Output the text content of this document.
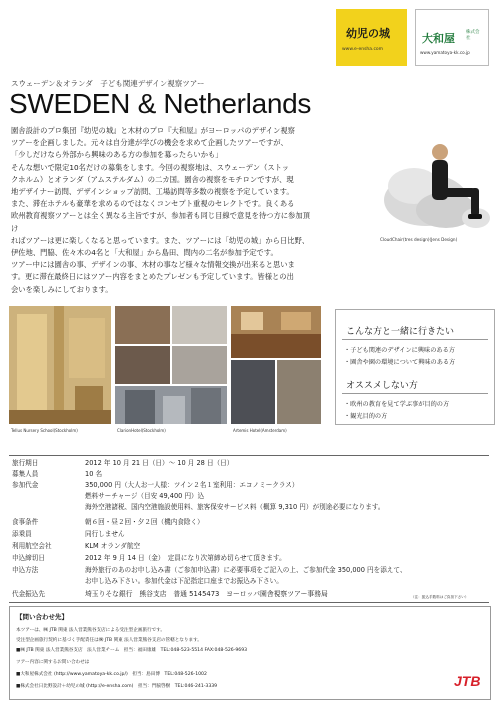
幼児の城
www.e-ensha.com
大和屋 株式会社
www.yamatoya-kk.co.jp
スウェーデン＆オランダ　子ども関連デザイン視察ツアー
SWEDEN & Netherlands
園舎設計のプロ集団『幼児の城』と木材のプロ『大和屋』がヨーロッパのデザイン視察
ツアーを企画しました。元々は自分達が学びの機会を求めて企画したツアーですが、
「少しだけなら外部から興味のある方の参加を募ったらいかも」
そんな想いで限定10名だけの募集をします。今回の視察地は、スウェーデン（ストッ
クホルム）とオランダ（アムステルダム）の二カ国。園舎の視察をモチロンですが、現
地デザイナー訪問、デザインショップ訪問、工場訪問等多数の視察を予定しています。
また、滞在ホテルも豪華を求めるのではなくコンセプト重視のセレクトです。良くある
欧州教育視察ツアーとは全く異なる主旨ですが、参加者も同じ目線で意見を待つ方に参加頂け
ればツアーは更に楽しくなると思っています。また、ツアーには「幼児の城」から日比野、
伊佐地、門脇、佐々木の4名と「大和屋」から島田、問内の二名が参加予定です。
ツアー中には園舎の事、デザインの事、木材の事など様々な情報交換が出来ると思いま
す。更に滞在最終日にはツアー内容をまとめたプレゼンも予定しています。皆様との出
会いを楽しみにしております。
CloudChair(tres design)(Jens Design)
Tellus Nursery School(Stockholm)	ClarionHotel(Stockholm)	Artemis Hotel(Amsterdam)
こんな方と一緒に行きたい
・子ども関連のデザインに興味のある方
・園舎や園の環境について興味のある方
オススメしない方
・欧州の教育を見て学ぶ事が目的の方
・観光目的の方
旅行期日	2012 年 10 月 21 日（日）～ 10 月 28 日（日）
募集人員	10 名
参加代金	350,000 円（大人お一人様：ツイン２名１室利用：エコノミークラス）
燃料サーチャージ（目安 49,400 円）込
海外空港諸税、国内空港施設使用料、旅客保安サービス料（概算 9,310 円）が別途必要になります。
食事条件	朝６回・昼２回・夕２回（機内食除く）
添乗員	同行しません
利用航空会社	KLM オランダ航空
申込締切日	2012 年 9 月 14 日（金）　定員になり次第締め切らせて頂きます。
申込方法	海外旅行のあのお申し込み書（ご参加申込書）に必要事項をご記入の上、ご参加代金 350,000 円を添えて、
お申し込み下さい。参加代金は下記指定口座までお振込み下さい。
代金振込先	埼玉りそな銀行　熊谷支店　普通 5145473　ヨーロッパ園舎視察ツアー事務局	（注：振込手数料はご負担下さい）
【問い合わせ先】
本ツアーは、㈱ JTB 関東 法人営業熊谷支店による受注型企画旅行です。
受注型企画旅行契約に基づく手配責任は㈱ JTB 関東 法人営業熊谷支店の管轄となります。
■㈱ JTB 関東 法人営業熊谷支店　法人営業チーム　担当：福田康雄　TEL:048-523-5514 FAX:048-526-9693
ツアー内容に関するお問い合わせは
■大和屋株式会社 (http://www.yamatoya-kk.co.jp/)　担当：島田博　TEL:048-526-1002
■株式会社日比野設計＋幼児の城 (http://e-ensha.com)　担当：門脇啓樹　TEL:046-241-3339	JTB
